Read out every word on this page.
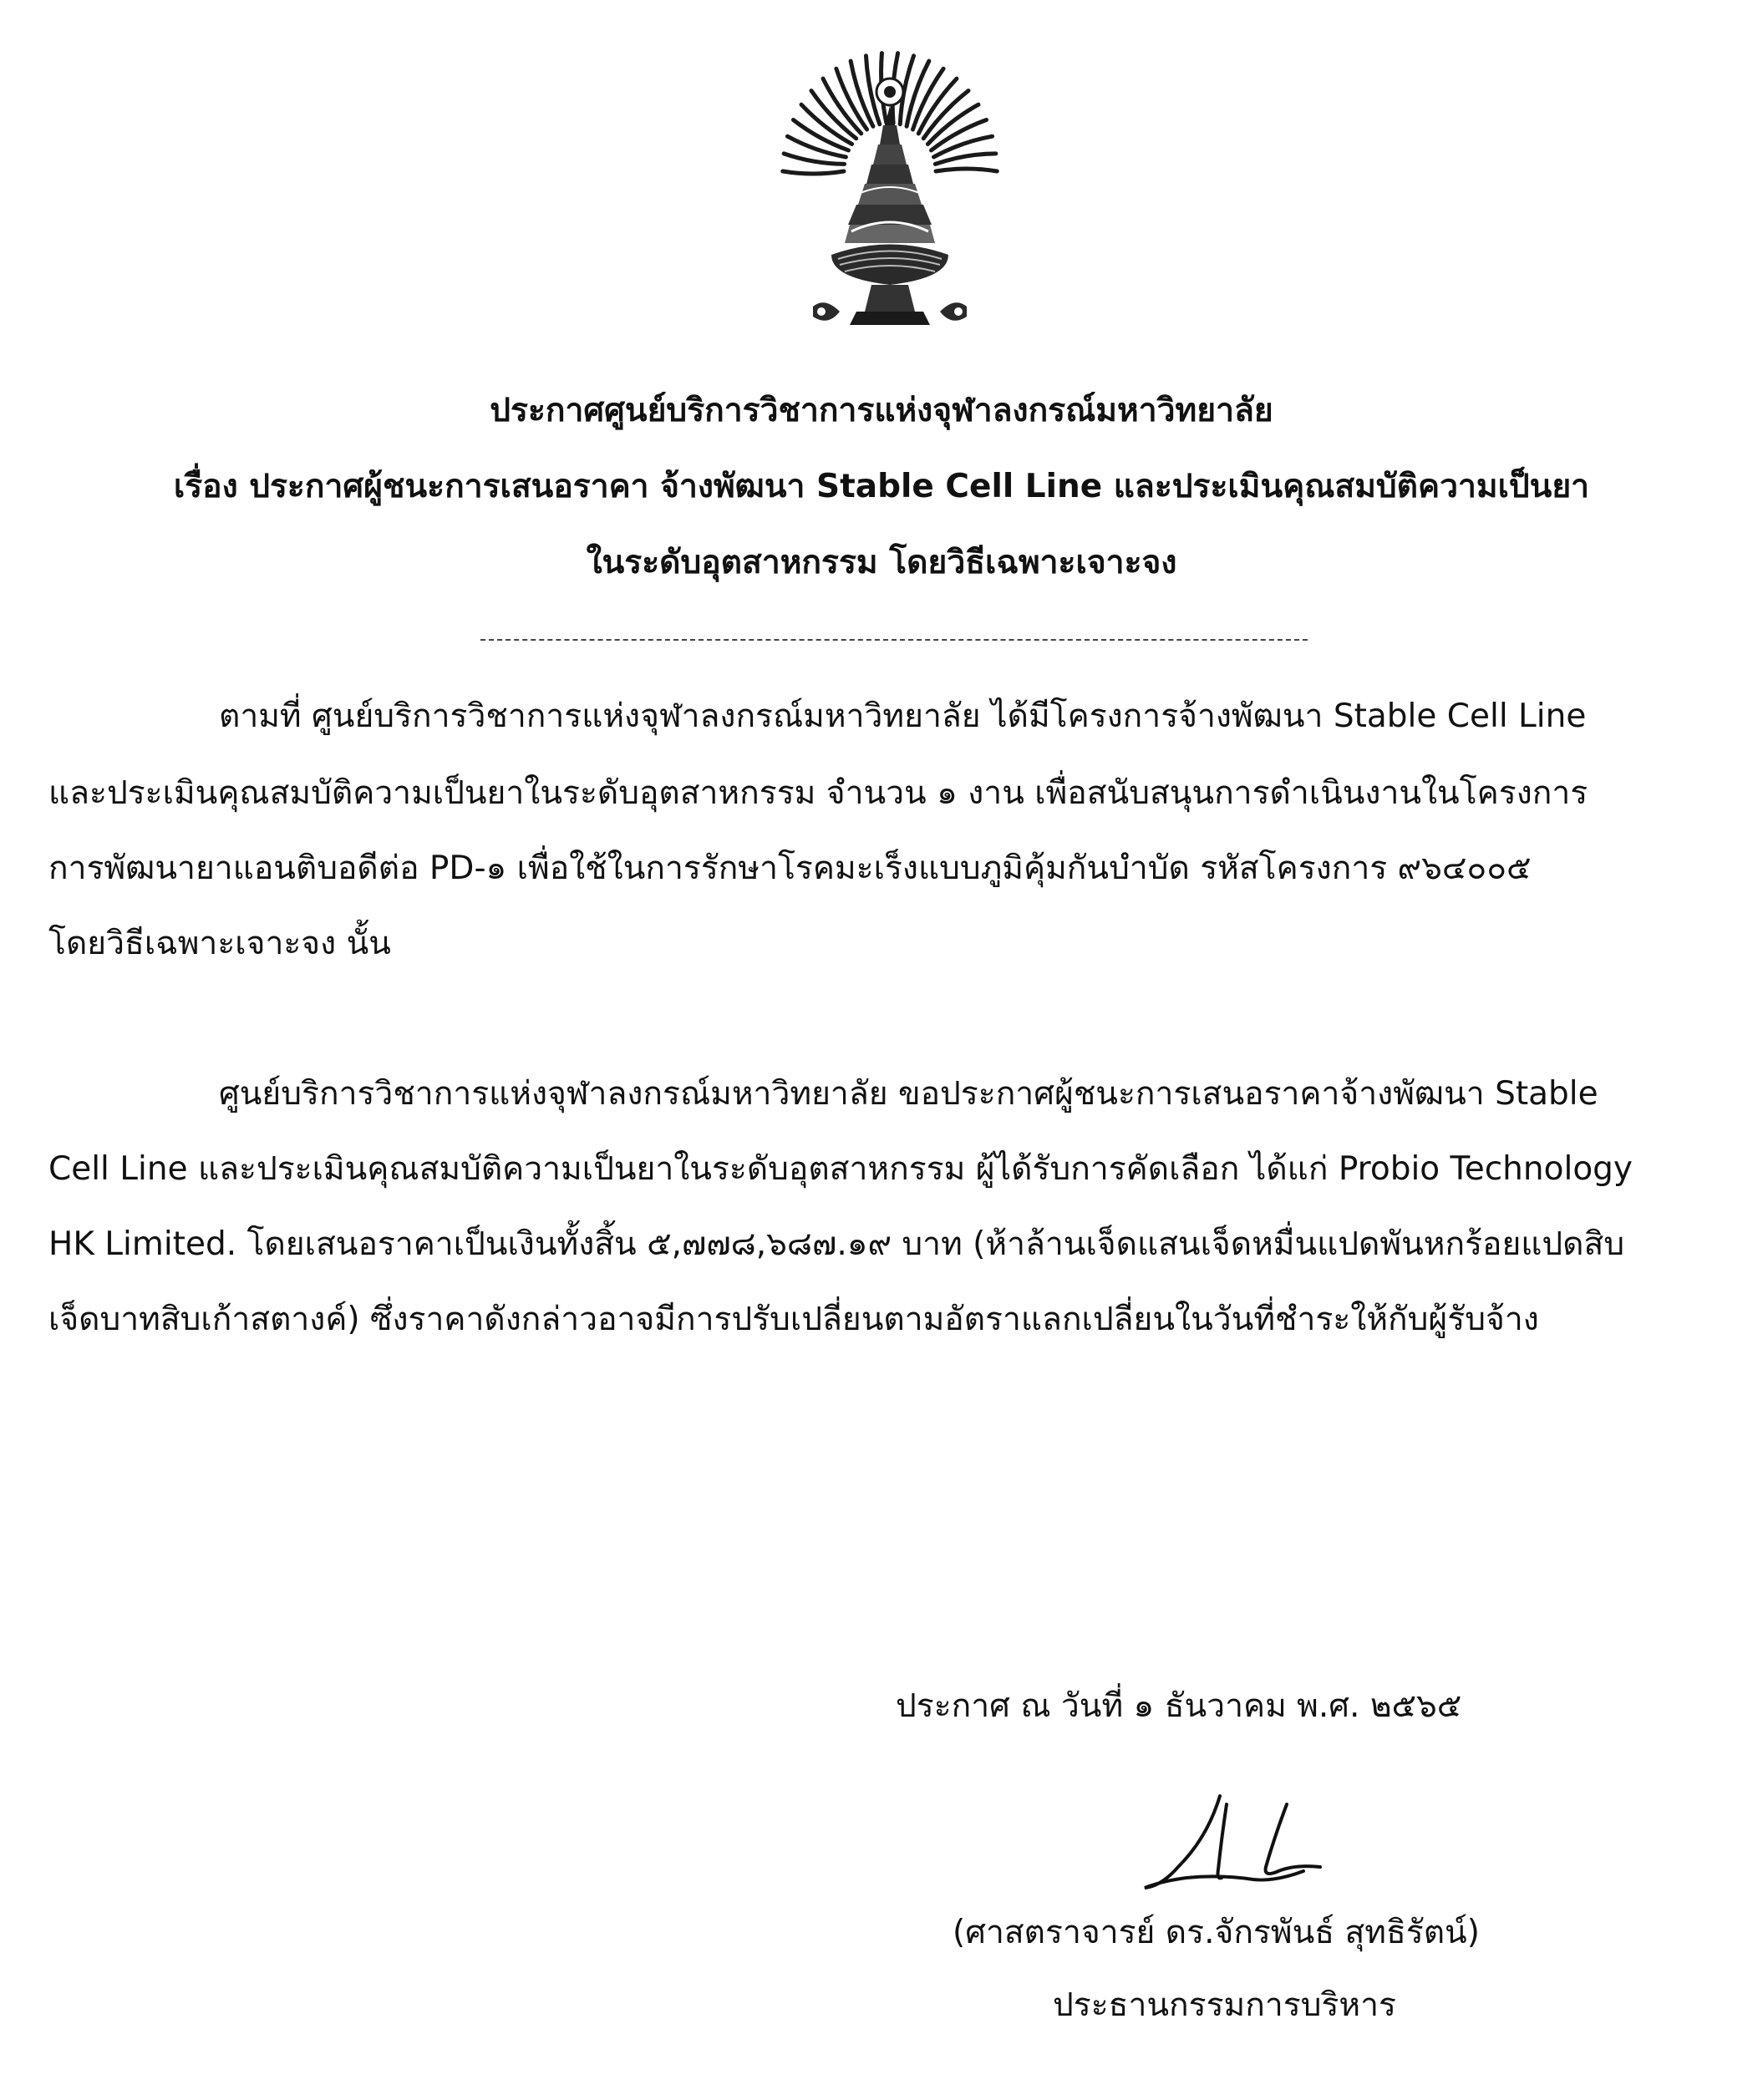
ประกาศศูนย์บริการวิชาการแห่งจุฬาลงกรณ์มหาวิทยาลัย
เรื่อง ประกาศผู้ชนะการเสนอราคา จ้างพัฒนา Stable Cell Line และประเมินคุณสมบัติความเป็นยา
ในระดับอุตสาหกรรม โดยวิธีเฉพาะเจาะจง
ตามที่ ศูนย์บริการวิชาการแห่งจุฬาลงกรณ์มหาวิทยาลัย ได้มีโครงการจ้างพัฒนา Stable Cell Line
และประเมินคุณสมบัติความเป็นยาในระดับอุตสาหกรรม จำนวน ๑ งาน เพื่อสนับสนุนการดำเนินงานในโครงการ
การพัฒนายาแอนติบอดีต่อ PD-๑ เพื่อใช้ในการรักษาโรคมะเร็งแบบภูมิคุ้มกันบำบัด รหัสโครงการ ๙๖๔๐๐๕
โดยวิธีเฉพาะเจาะจง นั้น
ศูนย์บริการวิชาการแห่งจุฬาลงกรณ์มหาวิทยาลัย ขอประกาศผู้ชนะการเสนอราคาจ้างพัฒนา Stable
Cell Line และประเมินคุณสมบัติความเป็นยาในระดับอุตสาหกรรม ผู้ได้รับการคัดเลือก ได้แก่ Probio Technology
HK Limited. โดยเสนอราคาเป็นเงินทั้งสิ้น ๕,๗๗๘,๖๘๗.๑๙ บาท (ห้าล้านเจ็ดแสนเจ็ดหมื่นแปดพันหกร้อยแปดสิบ
เจ็ดบาทสิบเก้าสตางค์) ซึ่งราคาดังกล่าวอาจมีการปรับเปลี่ยนตามอัตราแลกเปลี่ยนในวันที่ชำระให้กับผู้รับจ้าง
ประกาศ ณ วันที่ ๑ ธันวาคม พ.ศ. ๒๕๖๕
(ศาสตราจารย์ ดร.จักรพันธ์ สุทธิรัตน์)
ประธานกรรมการบริหาร
